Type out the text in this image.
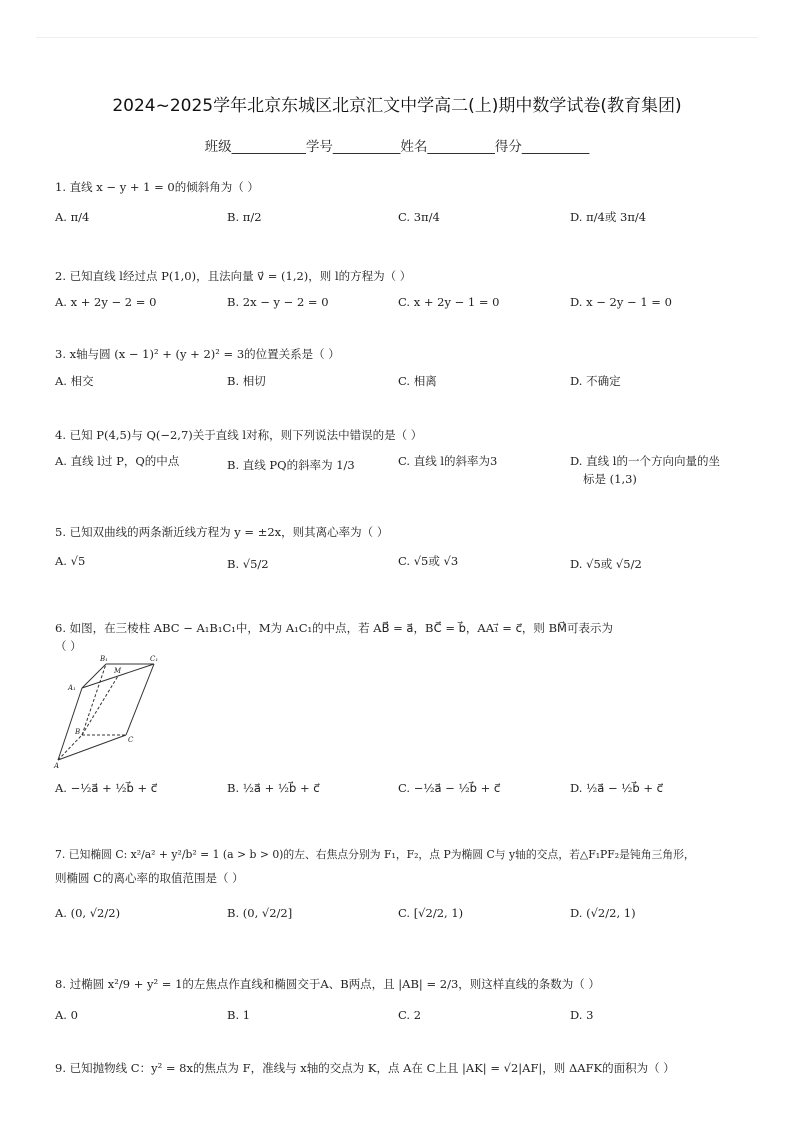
2024~2025学年北京东城区北京汇文中学高二(上)期中数学试卷(教育集团)
班级___________学号__________姓名__________得分__________
1. 直线 x − y + 1 = 0的倾斜角为（ ）
A. π/4	B. π/2	C. 3π/4	D. π/4或 3π/4
2. 已知直线 l经过点 P(1,0)，且法向量 v⃗ = (1,2)，则 l的方程为（ ）
A. x + 2y − 2 = 0	B. 2x − y − 2 = 0	C. x + 2y − 1 = 0	D. x − 2y − 1 = 0
3. x轴与圆 (x − 1)² + (y + 2)² = 3的位置关系是（ ）
A. 相交	B. 相切	C. 相离	D. 不确定
4. 已知 P(4,5)与 Q(−2,7)关于直线 l对称，则下列说法中错误的是（ ）
A. 直线 l过 P，Q的中点	B. 直线 PQ的斜率为 1/3	C. 直线 l的斜率为3	D. 直线 l的一个方向向量的坐
标是 (1,3)
5. 已知双曲线的两条渐近线方程为 y = ±2x，则其离心率为（ ）
A. √5	B. √5/2	C. √5或 √3	D. √5或 √5/2
6. 如图，在三棱柱 ABC − A₁B₁C₁中，M为 A₁C₁的中点，若 AB⃗ = a⃗，BC⃗ = b⃗，AA₁⃗ = c⃗，则 BM⃗可表示为
（ ）
B₁
M
C₁
A₁
B
C
A
A. −½a⃗ + ½b⃗ + c⃗	B. ½a⃗ + ½b⃗ + c⃗	C. −½a⃗ − ½b⃗ + c⃗	D. ½a⃗ − ½b⃗ + c⃗
7. 已知椭圆 C: x²/a² + y²/b² = 1 (a > b > 0)的左、右焦点分别为 F₁，F₂，点 P为椭圆 C与 y轴的交点，若△F₁PF₂是钝角三角形，
则椭圆 C的离心率的取值范围是（ ）
A. (0, √2/2)	B. (0, √2/2]	C. [√2/2, 1)	D. (√2/2, 1)
8. 过椭圆 x²/9 + y² = 1的左焦点作直线和椭圆交于A、B两点，且 |AB| = 2/3，则这样直线的条数为（ ）
A. 0	B. 1	C. 2	D. 3
9. 已知抛物线 C：y² = 8x的焦点为 F，准线与 x轴的交点为 K，点 A在 C上且 |AK| = √2|AF|，则 ΔAFK的面积为（ ）
